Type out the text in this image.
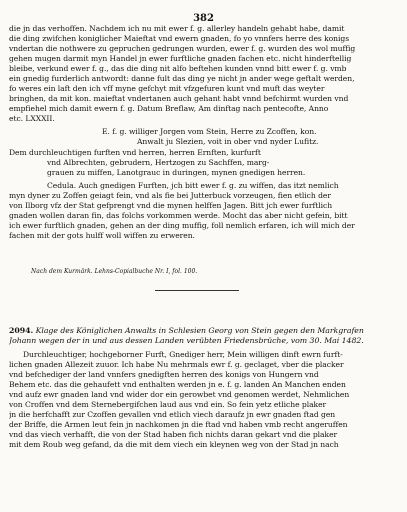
382
die jn das verhoffen. Nachdem ich nu mit ewer f. g. allerley handeln gehabt habe, damit
die ding zwifchen koniglicher Maieftat vnd ewern gnaden, fo yo vnnfers herre des konigs
vndertan die nothwere zu gepruchen gedrungen wurden, ewer f. g. wurden des wol muffig
gehen mugen darmit myn Handel jn ewer furftliche gnaden fachen etc. nicht hinderftellig
bleibe, verkund ewer f. g., das die ding nit alfo beftehen kunden vnnd bitt ewer f. g. vmb
ein gnedig furderlich antwordt: danne fult das ding ye nicht jn ander wege geftalt werden,
fo weres ein laft den ich vff myne gefchyt mit vfzgefuren kunt vnd muft das weyter
bringhen, da mit kon. maieftat vndertanen auch gehant habt vnnd befchirmt wurden vnd
empfiehel mich damit ewern f. g. Datum Breflaw, Am dinftag nach pentecofte, Anno
etc. LXXXII.
E. f. g. williger Jorgen vom Stein, Herre zu Zcoffen, kon.
Anwalt ju Slezien, voit in ober vnd nyder Lufitz.
Dem durchleuchtigen furften vnd herren, herren Ernften, kurfurft
vnd Albrechten, gebrudern, Hertzogen zu Sachffen, marg-
grauen zu miffen, Lanotgrauc in duringen, mynen gnedigen herren.
Cedula. Auch gnedigen Furften, jch bitt ewer f. g. zu wiffen, das itzt nemlich
myn dyner zu Zoffen geiagt fein, vnd als fie bei Jutterbuck vorzeugen, fien etlich der
von Ilborg vfz der Stat gefprengt vnd die mynen helffen Jagen. Bitt jch ewer furftlich
gnaden wollen daran fin, das folchs vorkommen werde. Mocht das aber nicht gefein, bitt
ich ewer furftlich gnaden, gehen an der ding muffig, foll nemlich erfaren, ich will mich der
fachen mit der gots hulff woll wiffen zu erweren.
Nach dem Kurmärk. Lehns-Copialbuche Nr. I, fol. 100.
2094. Klage des Königlichen Anwalts in Schlesien Georg von Stein gegen den Markgrafen
Johann wegen der in und aus dessen Landen verübten Friedensbrüche, vom 30. Mai 1482.
Durchleuchtiger, hochgeborner Furft, Gnediger herr, Mein willigen dinft ewrn furft-
lichen gnaden Allezeit zuuor. Ich habe Nu mehrmals ewr f. g. geclaget, vber die placker
vnd befchediger der land vnnfers gnedigften herren des konigs von Hungern vnd
Behem etc. das die gehaufett vnd enthalten werden jn e. f. g. landen An Manchen enden
vnd aufz ewr gnaden land vnd wider dor ein gerowbet vnd genomen werdet, Nehmlichen
von Croffen vnd dem Sternebergifchen laud aus vnd ein. So fein yetz etliche plaker
jn die herfchafft zur Czoffen gevallen vnd etlich viech daraufz jn ewr gnaden ftad gen
der Briffe, die Armen leut fein jn nachkomen jn die ftad vnd haben vmb recht angeruffen
vnd das viech verhafft, die von der Stad haben fich nichts daran gekart vnd die plaker
mit dem Roub weg gefand, da die mit dem viech ein kleynen weg von der Stad jn nach
